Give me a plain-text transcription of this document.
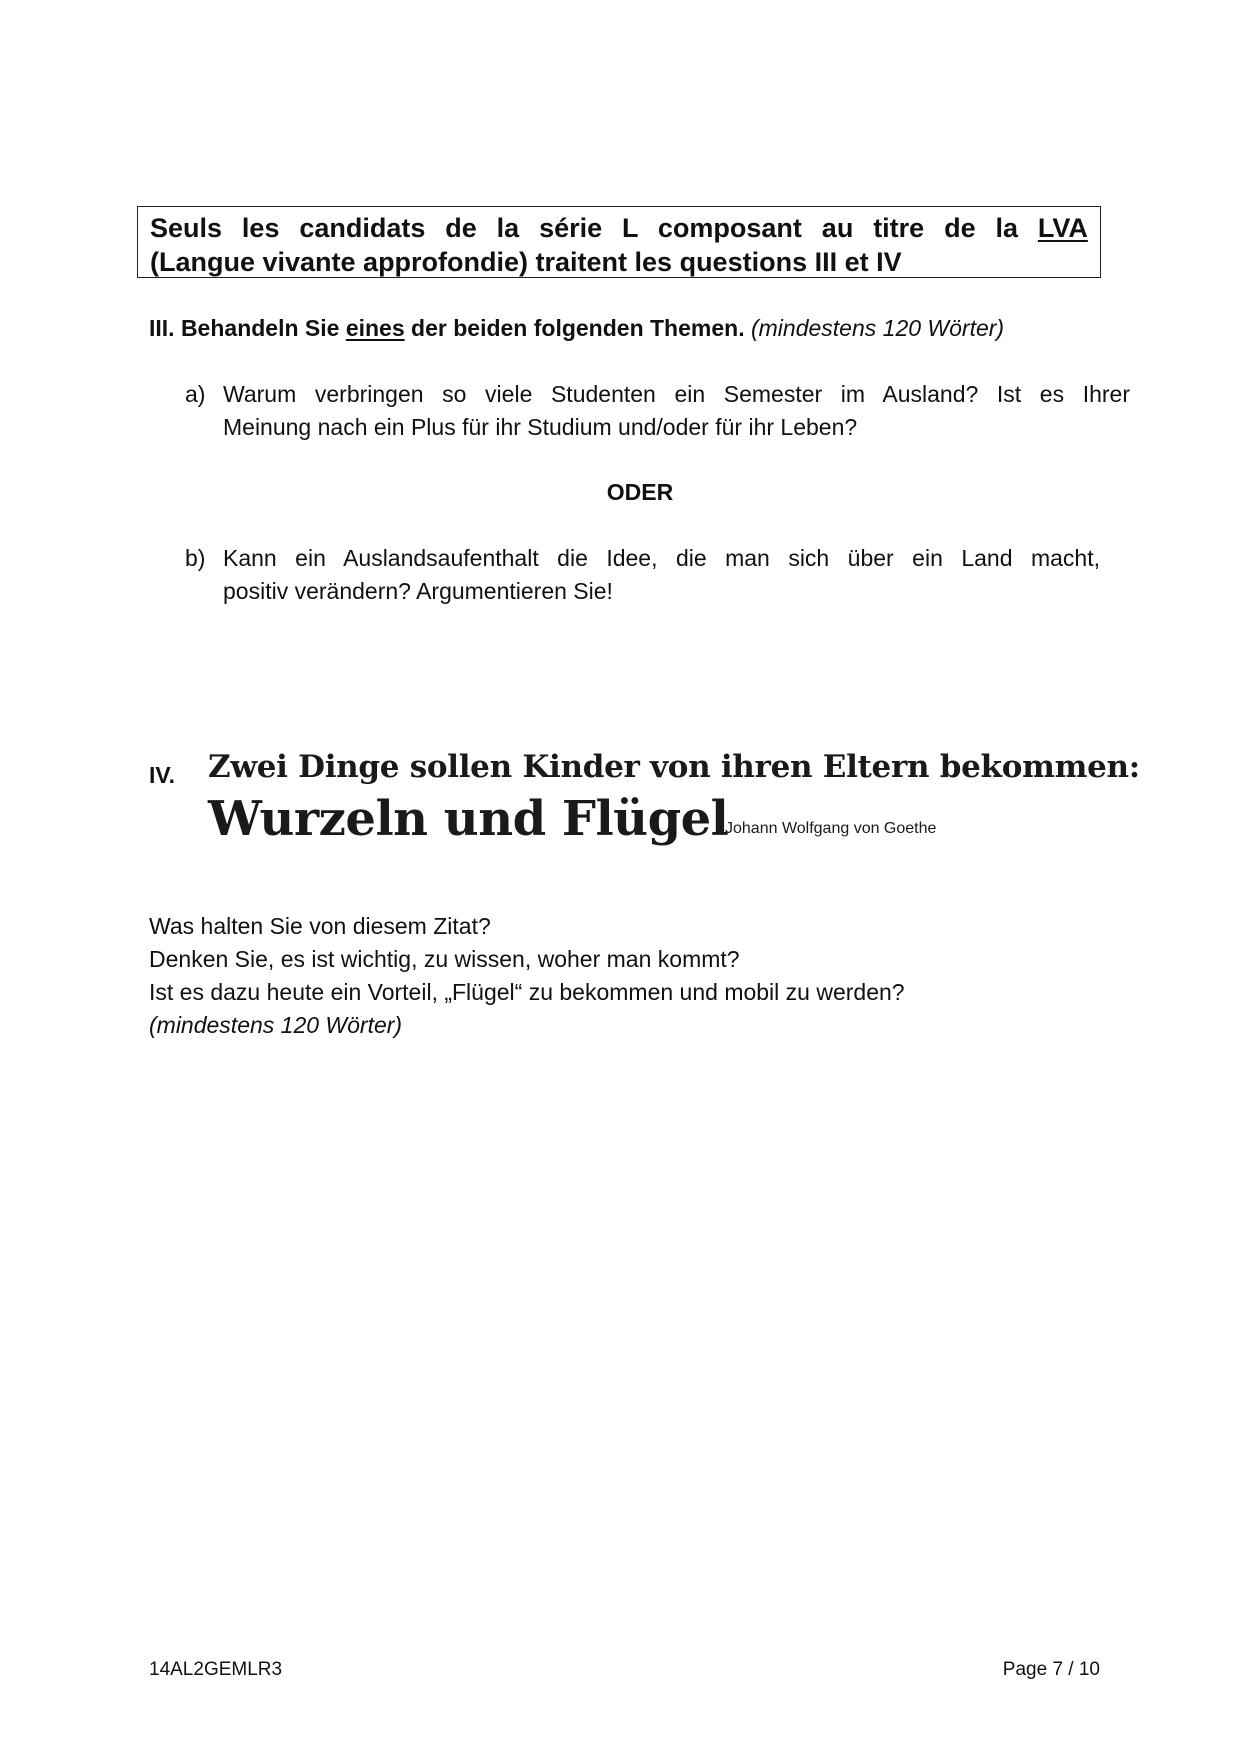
Seuls les candidats de la série L composant au titre de la LVA
(Langue vivante approfondie) traitent les questions III et IV
III. Behandeln Sie eines der beiden folgenden Themen. (mindestens 120 Wörter)
a) Warum verbringen so viele Studenten ein Semester im Ausland? Ist es Ihrer
Meinung nach ein Plus für ihr Studium und/oder für ihr Leben?
ODER
b) Kann ein Auslandsaufenthalt die Idee, die man sich über ein Land macht,
positiv verändern? Argumentieren Sie!
IV. Zwei Dinge sollen Kinder von ihren Eltern bekommen:
Wurzeln und Flügel
Johann Wolfgang von Goethe
Was halten Sie von diesem Zitat?
Denken Sie, es ist wichtig, zu wissen, woher man kommt?
Ist es dazu heute ein Vorteil, „Flügel“ zu bekommen und mobil zu werden?
(mindestens 120 Wörter)
14AL2GEMLR3	Page 7 / 10
